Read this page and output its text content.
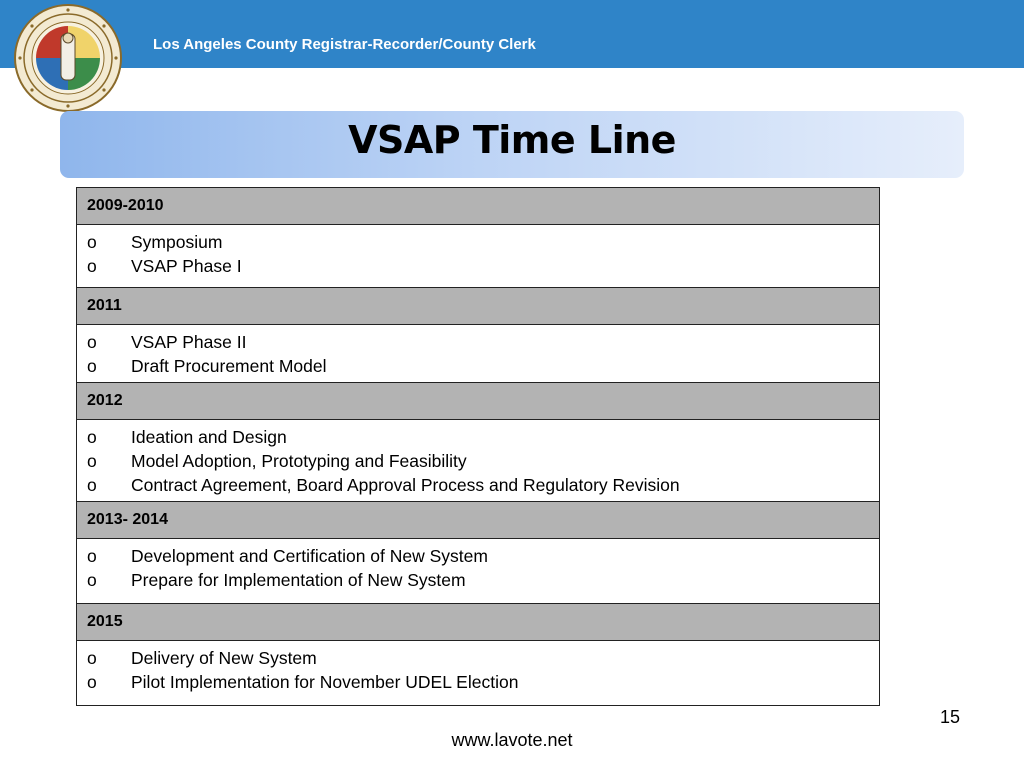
Los Angeles County Registrar-Recorder/County Clerk
VSAP Time Line
2009-2010

o	Symposium
o	VSAP Phase I

2011

o	VSAP Phase II
o	Draft Procurement Model

2012

o	Ideation and Design
o	Model Adoption, Prototyping and Feasibility
o	Contract Agreement, Board Approval Process and Regulatory Revision

2013- 2014

o	Development and Certification of New System
o	Prepare for Implementation of New System

2015

o	Delivery of New System
o	Pilot Implementation for November UDEL Election
15
www.lavote.net
